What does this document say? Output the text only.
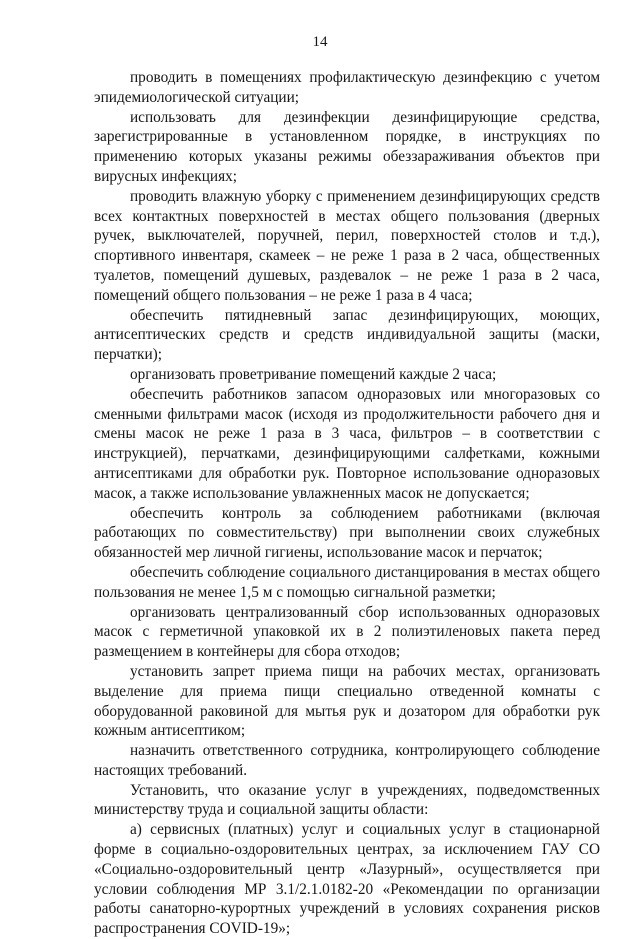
14

проводить в помещениях профилактическую дезинфекцию с учетом эпидемиологической ситуации;

использовать для дезинфекции дезинфицирующие средства, зарегистрированные в установленном порядке, в инструкциях по применению которых указаны режимы обеззараживания объектов при вирусных инфекциях;

проводить влажную уборку с применением дезинфицирующих средств всех контактных поверхностей в местах общего пользования (дверных ручек, выключателей, поручней, перил, поверхностей столов и т.д.), спортивного инвентаря, скамеек – не реже 1 раза в 2 часа, общественных туалетов, помещений душевых, раздевалок – не реже 1 раза в 2 часа, помещений общего пользования – не реже 1 раза в 4 часа;

обеспечить пятидневный запас дезинфицирующих, моющих, антисептических средств и средств индивидуальной защиты (маски, перчатки);

организовать проветривание помещений каждые 2 часа;

обеспечить работников запасом одноразовых или многоразовых со сменными фильтрами масок (исходя из продолжительности рабочего дня и смены масок не реже 1 раза в 3 часа, фильтров – в соответствии с инструкцией), перчатками, дезинфицирующими салфетками, кожными антисептиками для обработки рук. Повторное использование одноразовых масок, а также использование увлажненных масок не допускается;

обеспечить контроль за соблюдением работниками (включая работающих по совместительству) при выполнении своих служебных обязанностей мер личной гигиены, использование масок и перчаток;

обеспечить соблюдение социального дистанцирования в местах общего пользования не менее 1,5 м с помощью сигнальной разметки;

организовать централизованный сбор использованных одноразовых масок с герметичной упаковкой их в 2 полиэтиленовых пакета перед размещением в контейнеры для сбора отходов;

установить запрет приема пищи на рабочих местах, организовать выделение для приема пищи специально отведенной комнаты с оборудованной раковиной для мытья рук и дозатором для обработки рук кожным антисептиком;

назначить ответственного сотрудника, контролирующего соблюдение настоящих требований.

Установить, что оказание услуг в учреждениях, подведомственных министерству труда и социальной защиты области:

а) сервисных (платных) услуг и социальных услуг в стационарной форме в социально-оздоровительных центрах, за исключением ГАУ СО «Социально-оздоровительный центр «Лазурный», осуществляется при условии соблюдения МР 3.1/2.1.0182-20 «Рекомендации по организации работы санаторно-курортных учреждений в условиях сохранения рисков распространения COVID-19»;
